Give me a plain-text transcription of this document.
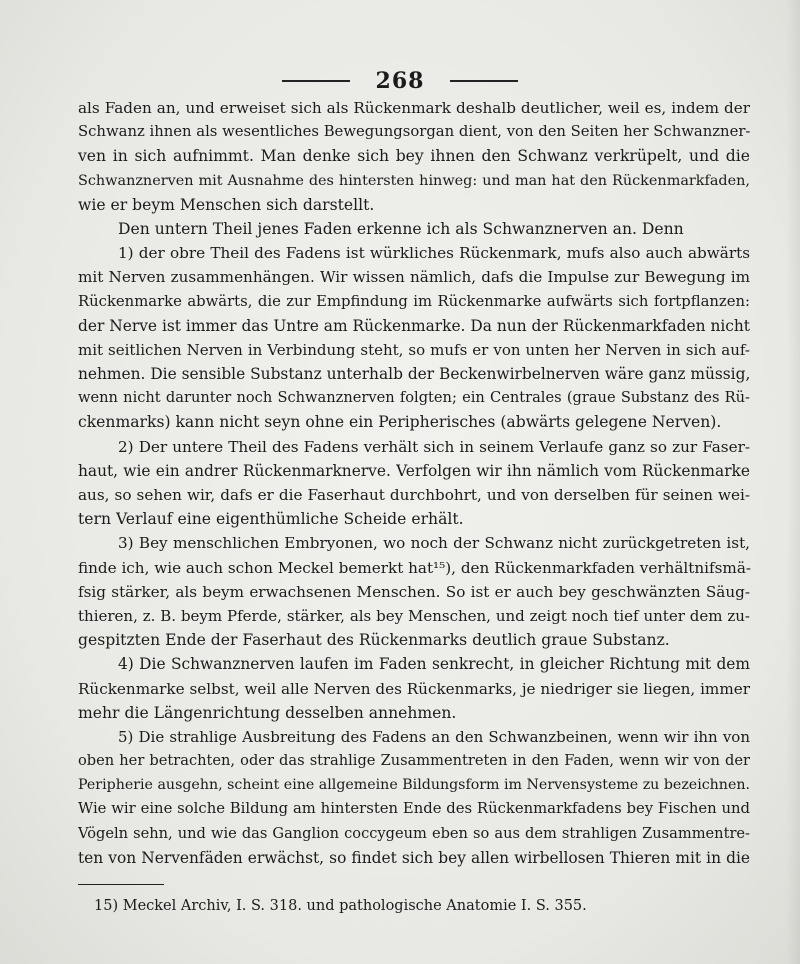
268
als Faden an, und erweiset sich als Rückenmark deshalb deutlicher, weil es, indem der
Schwanz ihnen als wesentliches Bewegungsorgan dient, von den Seiten her Schwanzner-
ven in sich aufnimmt. Man denke sich bey ihnen den Schwanz verkrüpelt, und die
Schwanznerven mit Ausnahme des hintersten hinweg: und man hat den Rückenmarkfaden,
wie er beym Menschen sich darstellt.
Den untern Theil jenes Faden erkenne ich als Schwanznerven an. Denn
1) der obre Theil des Fadens ist würkliches Rückenmark, mufs also auch abwärts
mit Nerven zusammenhängen. Wir wissen nämlich, dafs die Impulse zur Bewegung im
Rückenmarke abwärts, die zur Empfindung im Rückenmarke aufwärts sich fortpflanzen:
der Nerve ist immer das Untre am Rückenmarke. Da nun der Rückenmarkfaden nicht
mit seitlichen Nerven in Verbindung steht, so mufs er von unten her Nerven in sich auf-
nehmen. Die sensible Substanz unterhalb der Beckenwirbelnerven wäre ganz müssig,
wenn nicht darunter noch Schwanznerven folgten; ein Centrales (graue Substanz des Rü-
ckenmarks) kann nicht seyn ohne ein Peripherisches (abwärts gelegene Nerven).
2) Der untere Theil des Fadens verhält sich in seinem Verlaufe ganz so zur Faser-
haut, wie ein andrer Rückenmarknerve. Verfolgen wir ihn nämlich vom Rückenmarke
aus, so sehen wir, dafs er die Faserhaut durchbohrt, und von derselben für seinen wei-
tern Verlauf eine eigenthümliche Scheide erhält.
3) Bey menschlichen Embryonen, wo noch der Schwanz nicht zurückgetreten ist,
finde ich, wie auch schon Meckel bemerkt hat¹⁵), den Rückenmarkfaden verhältnifsmä-
fsig stärker, als beym erwachsenen Menschen. So ist er auch bey geschwänzten Säug-
thieren, z. B. beym Pferde, stärker, als bey Menschen, und zeigt noch tief unter dem zu-
gespitzten Ende der Faserhaut des Rückenmarks deutlich graue Substanz.
4) Die Schwanznerven laufen im Faden senkrecht, in gleicher Richtung mit dem
Rückenmarke selbst, weil alle Nerven des Rückenmarks, je niedriger sie liegen, immer
mehr die Längenrichtung desselben annehmen.
5) Die strahlige Ausbreitung des Fadens an den Schwanzbeinen, wenn wir ihn von
oben her betrachten, oder das strahlige Zusammentreten in den Faden, wenn wir von der
Peripherie ausgehn, scheint eine allgemeine Bildungsform im Nervensysteme zu bezeichnen.
Wie wir eine solche Bildung am hintersten Ende des Rückenmarkfadens bey Fischen und
Vögeln sehn, und wie das Ganglion coccygeum eben so aus dem strahligen Zusammentre-
ten von Nervenfäden erwächst, so findet sich bey allen wirbellosen Thieren mit in die
15) Meckel Archiv, I. S. 318. und pathologische Anatomie I. S. 355.
